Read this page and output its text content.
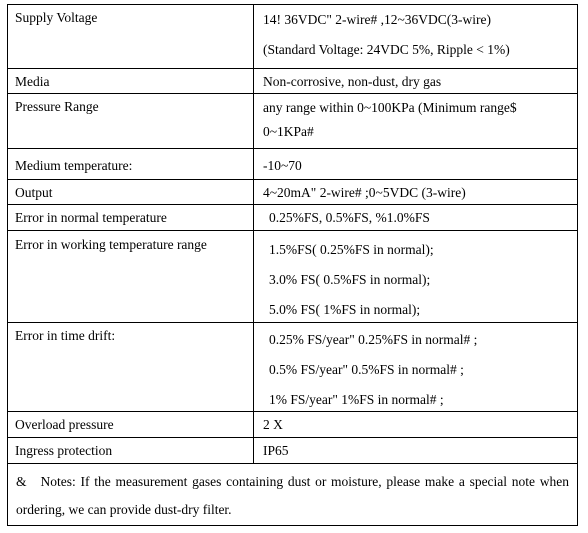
Supply Voltage	14! 36VDC" 2-wire# ,12~36VDC(3-wire)
(Standard Voltage: 24VDC 5%, Ripple < 1%)
Media	Non-corrosive, non-dust, dry gas
Pressure Range	any range within 0~100KPa (Minimum range$
0~1KPa#
Medium temperature:	-10~70
Output	4~20mA" 2-wire# ;0~5VDC (3-wire)
Error in normal temperature	0.25%FS, 0.5%FS, %1.0%FS
Error in working temperature range	1.5%FS( 0.25%FS in normal);
3.0% FS( 0.5%FS in normal);
5.0% FS( 1%FS in normal);
Error in time drift:	0.25% FS/year" 0.25%FS in normal# ;
0.5% FS/year" 0.5%FS in normal# ;
1% FS/year" 1%FS in normal# ;
Overload pressure	2 X
Ingress protection	IP65
& Notes: If the measurement gases containing dust or moisture, please make a special note when ordering, we can provide dust-dry filter.
